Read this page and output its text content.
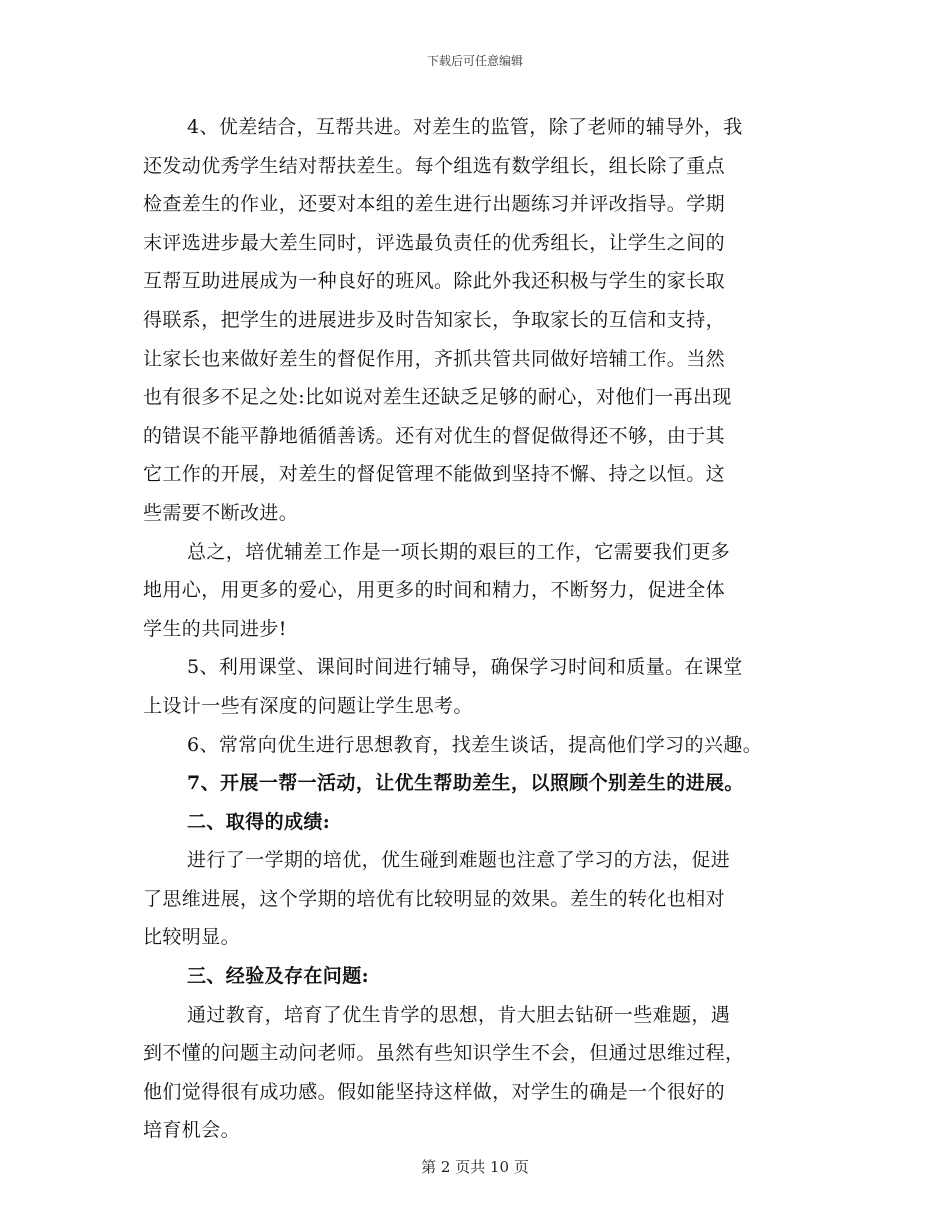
下载后可任意编辑
4、优差结合，互帮共进。对差生的监管，除了老师的辅导外，我
还发动优秀学生结对帮扶差生。每个组选有数学组长，组长除了重点
检查差生的作业，还要对本组的差生进行出题练习并评改指导。学期
末评选进步最大差生同时，评选最负责任的优秀组长，让学生之间的
互帮互助进展成为一种良好的班风。除此外我还积极与学生的家长取
得联系，把学生的进展进步及时告知家长，争取家长的互信和支持，
让家长也来做好差生的督促作用，齐抓共管共同做好培辅工作。当然
也有很多不足之处:比如说对差生还缺乏足够的耐心，对他们一再出现
的错误不能平静地循循善诱。还有对优生的督促做得还不够，由于其
它工作的开展，对差生的督促管理不能做到坚持不懈、持之以恒。这
些需要不断改进。
总之，培优辅差工作是一项长期的艰巨的工作，它需要我们更多
地用心，用更多的爱心，用更多的时间和精力，不断努力，促进全体
学生的共同进步!
5、利用课堂、课间时间进行辅导，确保学习时间和质量。在课堂
上设计一些有深度的问题让学生思考。
6、常常向优生进行思想教育，找差生谈话，提高他们学习的兴趣。
7、开展一帮一活动，让优生帮助差生，以照顾个别差生的进展。
二、取得的成绩:
进行了一学期的培优，优生碰到难题也注意了学习的方法，促进
了思维进展，这个学期的培优有比较明显的效果。差生的转化也相对
比较明显。
三、经验及存在问题:
通过教育，培育了优生肯学的思想，肯大胆去钻研一些难题，遇
到不懂的问题主动问老师。虽然有些知识学生不会，但通过思维过程，
他们觉得很有成功感。假如能坚持这样做，对学生的确是一个很好的
培育机会。
第 2 页共 10 页
